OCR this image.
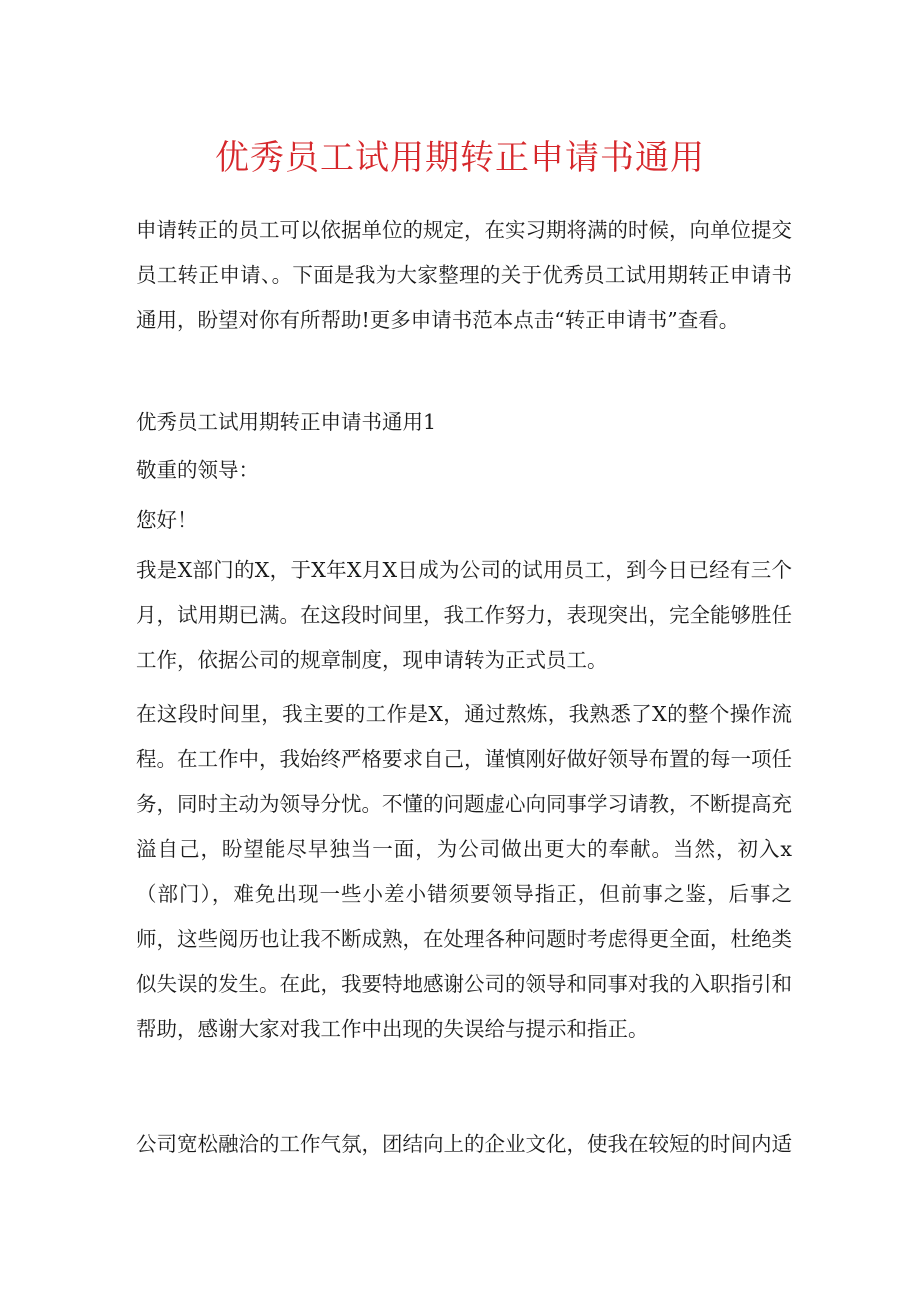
优秀员工试用期转正申请书通用
申请转正的员工可以依据单位的规定，在实习期将满的时候，向单位提交员工转正申请、。下面是我为大家整理的关于优秀员工试用期转正申请书通用，盼望对你有所帮助!更多申请书范本点击“转正申请书”查看。
优秀员工试用期转正申请书通用1
敬重的领导：
您好！
我是X部门的X，于X年X月X日成为公司的试用员工，到今日已经有三个月，试用期已满。在这段时间里，我工作努力，表现突出，完全能够胜任工作，依据公司的规章制度，现申请转为正式员工。
在这段时间里，我主要的工作是X，通过熬炼，我熟悉了X的整个操作流程。在工作中，我始终严格要求自己，谨慎刚好做好领导布置的每一项任务，同时主动为领导分忧。不懂的问题虚心向同事学习请教，不断提高充溢自己，盼望能尽早独当一面，为公司做出更大的奉献。当然，初入x（部门），难免出现一些小差小错须要领导指正，但前事之鉴，后事之师，这些阅历也让我不断成熟，在处理各种问题时考虑得更全面，杜绝类似失误的发生。在此，我要特地感谢公司的领导和同事对我的入职指引和帮助，感谢大家对我工作中出现的失误给与提示和指正。
公司宽松融洽的工作气氛，团结向上的企业文化，使我在较短的时间内适
